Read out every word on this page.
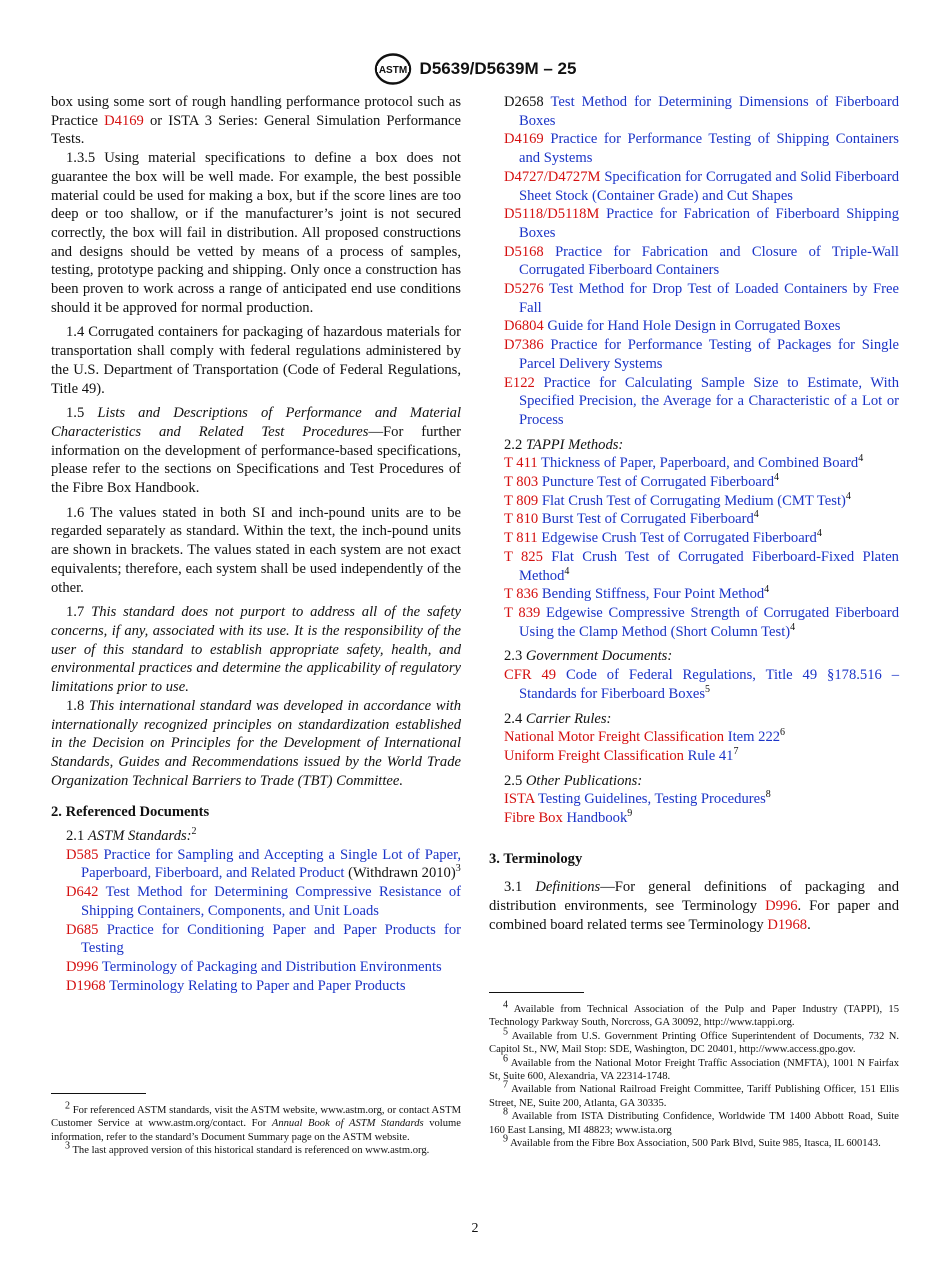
ASTM D5639/D5639M – 25

box using some sort of rough handling performance protocol such as Practice D4169 or ISTA 3 Series: General Simulation Performance Tests.

1.3.5 Using material specifications to define a box does not guarantee the box will be well made. For example, the best possible material could be used for making a box, but if the score lines are too deep or too shallow, or if the manufacturer’s joint is not secured correctly, the box will fail in distribution. All proposed constructions and designs should be vetted by means of a process of samples, testing, prototype packing and shipping. Only once a construction has been proven to work across a range of anticipated end use conditions should it be approved for normal production.

1.4 Corrugated containers for packaging of hazardous materials for transportation shall comply with federal regulations administered by the U.S. Department of Transportation (Code of Federal Regulations, Title 49).

1.5 Lists and Descriptions of Performance and Material Characteristics and Related Test Procedures—For further information on the development of performance-based specifications, please refer to the sections on Specifications and Test Procedures of the Fibre Box Handbook.

1.6 The values stated in both SI and inch-pound units are to be regarded separately as standard. Within the text, the inch-pound units are shown in brackets. The values stated in each system are not exact equivalents; therefore, each system shall be used independently of the other.

1.7 This standard does not purport to address all of the safety concerns, if any, associated with its use. It is the responsibility of the user of this standard to establish appropriate safety, health, and environmental practices and determine the applicability of regulatory limitations prior to use.

1.8 This international standard was developed in accordance with internationally recognized principles on standardization established in the Decision on Principles for the Development of International Standards, Guides and Recommendations issued by the World Trade Organization Technical Barriers to Trade (TBT) Committee.

2. Referenced Documents

2.1 ASTM Standards:$^2$

D585 Practice for Sampling and Accepting a Single Lot of Paper, Paperboard, Fiberboard, and Related Product (Withdrawn 2010)$^3$

D642 Test Method for Determining Compressive Resistance of Shipping Containers, Components, and Unit Loads

D685 Practice for Conditioning Paper and Paper Products for Testing

D996 Terminology of Packaging and Distribution Environments

D1968 Terminology Relating to Paper and Paper Products

$^2$ For referenced ASTM standards, visit the ASTM website, www.astm.org, or contact ASTM Customer Service at www.astm.org/contact. For Annual Book of ASTM Standards volume information, refer to the standard’s Document Summary page on the ASTM website.

$^3$ The last approved version of this historical standard is referenced on www.astm.org.

D2658 Test Method for Determining Dimensions of Fiberboard Boxes

D4169 Practice for Performance Testing of Shipping Containers and Systems

D4727/D4727M Specification for Corrugated and Solid Fiberboard Sheet Stock (Container Grade) and Cut Shapes

D5118/D5118M Practice for Fabrication of Fiberboard Shipping Boxes

D5168 Practice for Fabrication and Closure of Triple-Wall Corrugated Fiberboard Containers

D5276 Test Method for Drop Test of Loaded Containers by Free Fall

D6804 Guide for Hand Hole Design in Corrugated Boxes

D7386 Practice for Performance Testing of Packages for Single Parcel Delivery Systems

E122 Practice for Calculating Sample Size to Estimate, With Specified Precision, the Average for a Characteristic of a Lot or Process

2.2 TAPPI Methods:

T 411 Thickness of Paper, Paperboard, and Combined Board$^4$

T 803 Puncture Test of Corrugated Fiberboard$^4$

T 809 Flat Crush Test of Corrugating Medium (CMT Test)$^4$

T 810 Burst Test of Corrugated Fiberboard$^4$

T 811 Edgewise Crush Test of Corrugated Fiberboard$^4$

T 825 Flat Crush Test of Corrugated Fiberboard-Fixed Platen Method$^4$

T 836 Bending Stiffness, Four Point Method$^4$

T 839 Edgewise Compressive Strength of Corrugated Fiberboard Using the Clamp Method (Short Column Test)$^4$

2.3 Government Documents:

CFR 49 Code of Federal Regulations, Title 49 §178.516 – Standards for Fiberboard Boxes$^5$

2.4 Carrier Rules:

National Motor Freight Classification Item $222^6$

Uniform Freight Classification Rule $41^7$

2.5 Other Publications:

ISTA Testing Guidelines, Testing Procedures$^8$

Fibre Box Handbook$^9$

3. Terminology

3.1 Definitions—For general definitions of packaging and distribution environments, see Terminology D996. For paper and combined board related terms see Terminology D1968.

$^4$ Available from Technical Association of the Pulp and Paper Industry (TAPPI), 15 Technology Parkway South, Norcross, GA 30092, http://www.tappi.org.

$^5$ Available from U.S. Government Printing Office Superintendent of Documents, 732 N. Capitol St., NW, Mail Stop: SDE, Washington, DC 20401, http://www.access.gpo.gov.

$^6$ Available from the National Motor Freight Traffic Association (NMFTA), 1001 N Fairfax St, Suite 600, Alexandria, VA 22314-1748.

$^7$ Available from National Railroad Freight Committee, Tariff Publishing Officer, 151 Ellis Street, NE, Suite 200, Atlanta, GA 30335.

$^8$ Available from ISTA Distributing Confidence, Worldwide TM 1400 Abbott Road, Suite 160 East Lansing, MI 48823; www.ista.org

$^9$ Available from the Fibre Box Association, 500 Park Blvd, Suite 985, Itasca, IL 600143.

2
